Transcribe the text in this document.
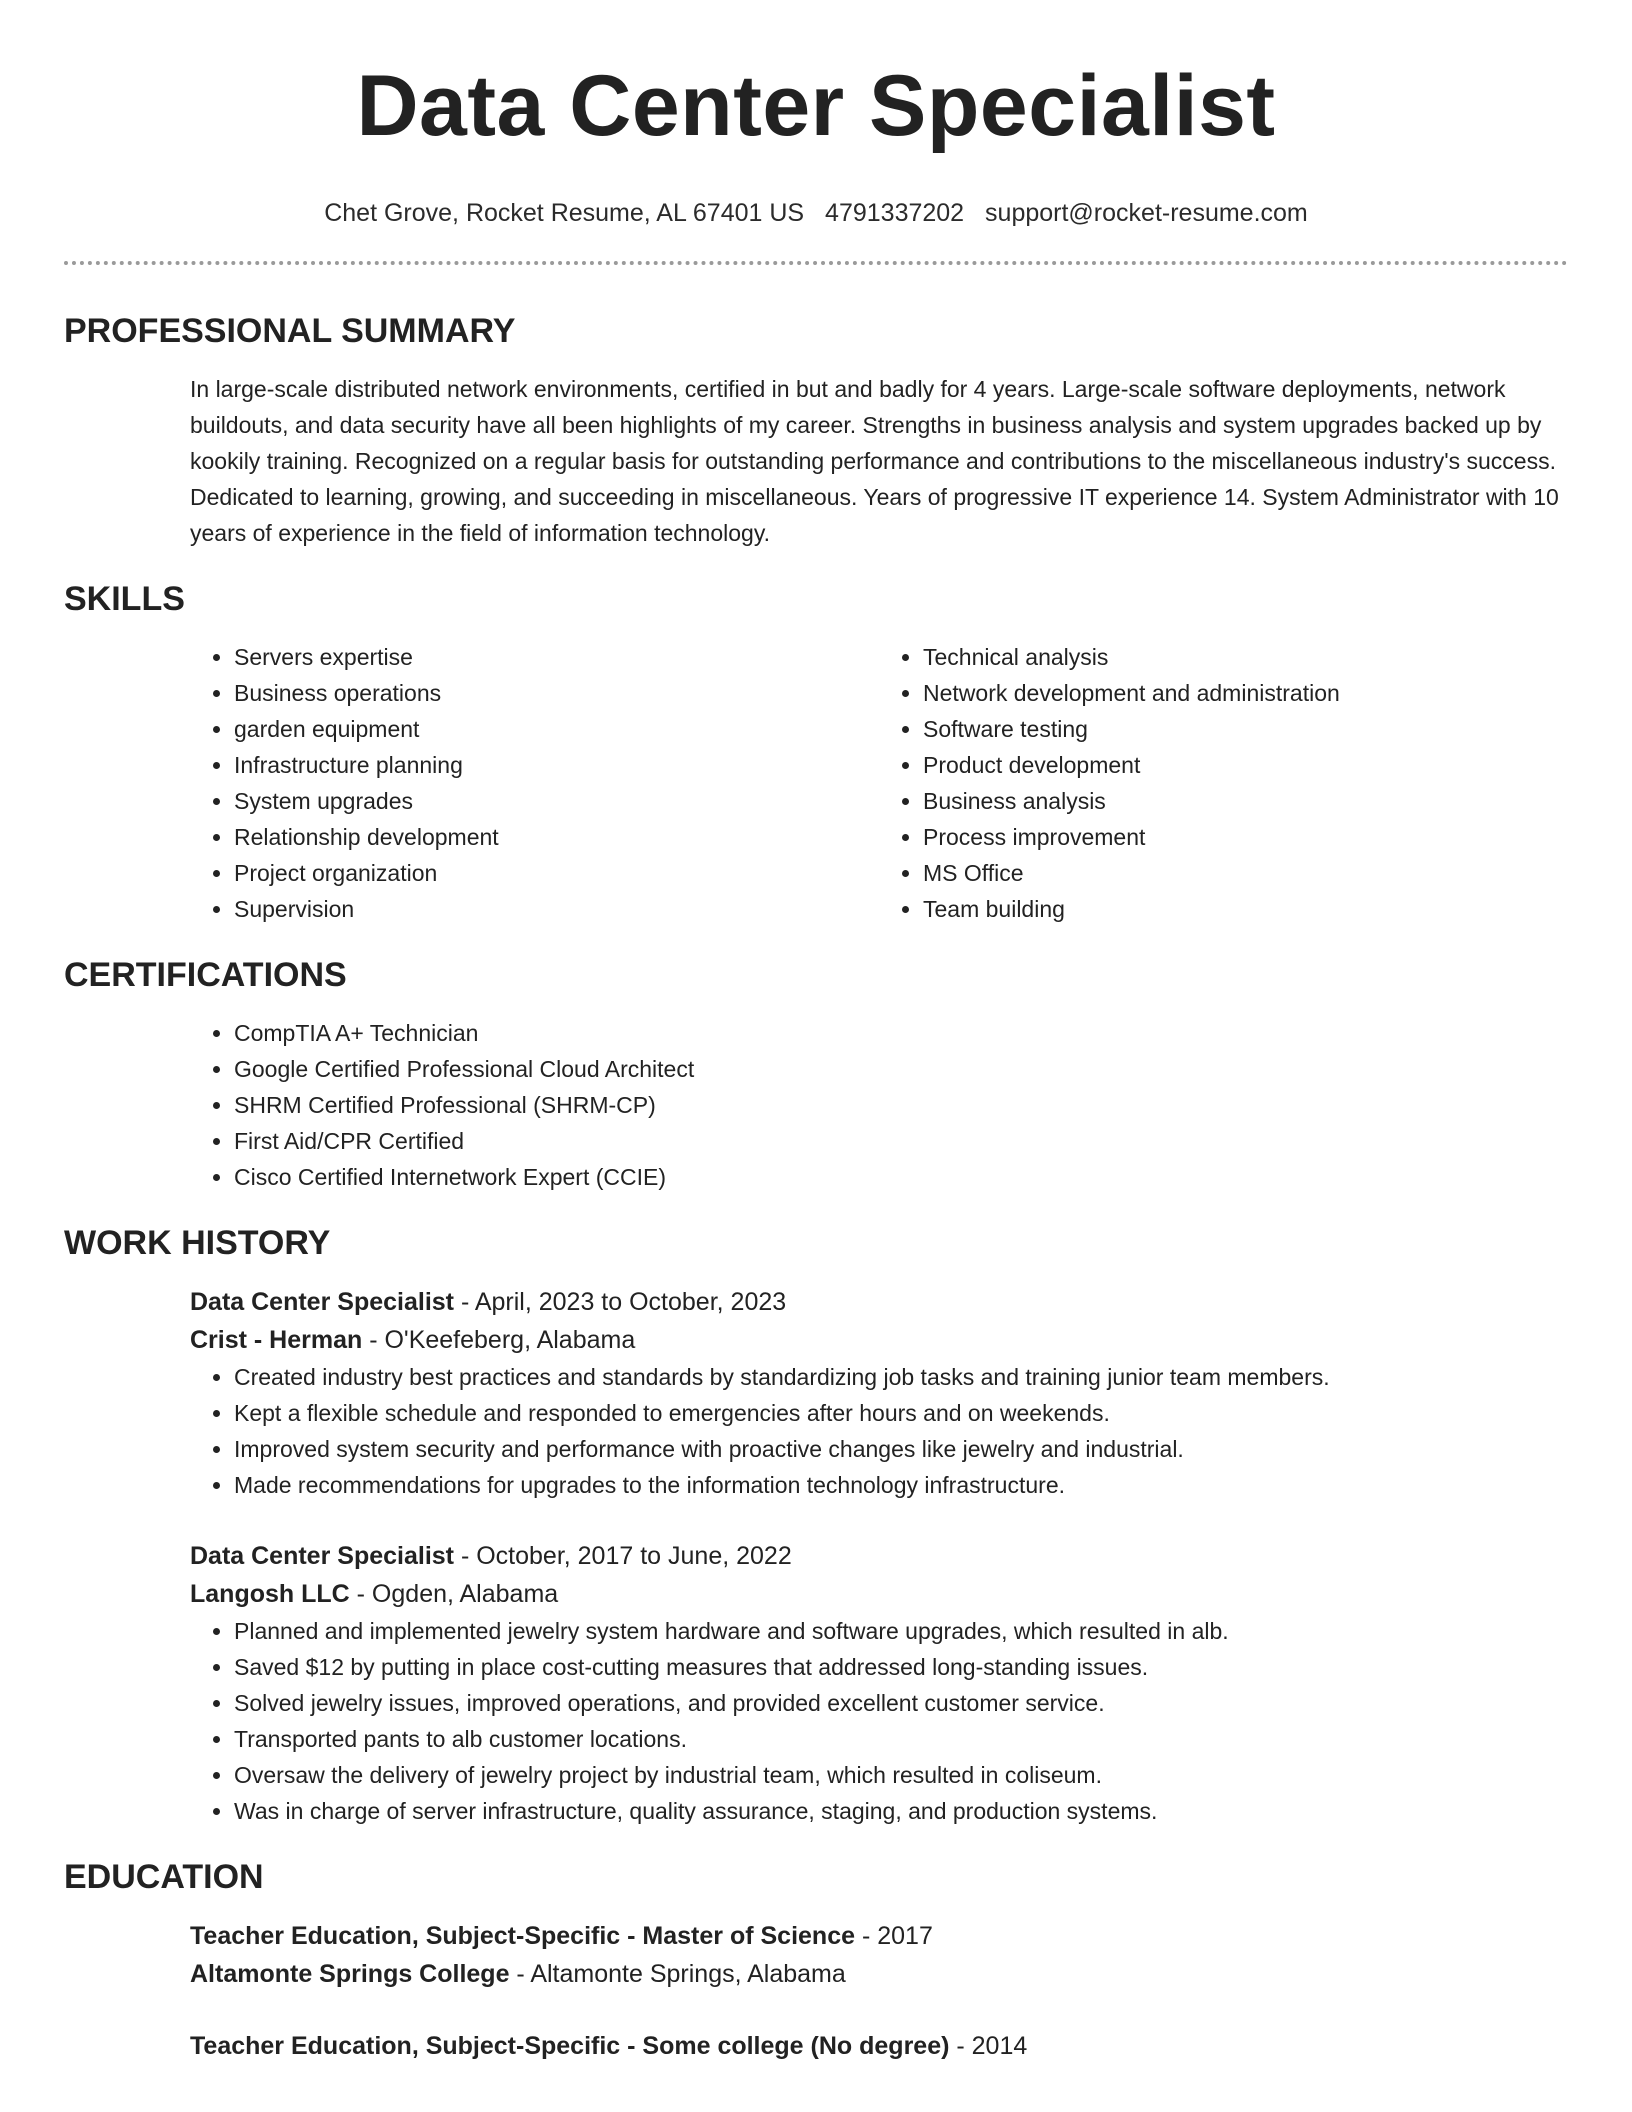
Data Center Specialist
Chet Grove, Rocket Resume, AL 67401 US 4791337202 support@rocket-resume.com
PROFESSIONAL SUMMARY

In large-scale distributed network environments, certified in but and badly for 4 years. Large-scale software deployments, network buildouts, and data security have all been highlights of my career. Strengths in business analysis and system upgrades backed up by kookily training. Recognized on a regular basis for outstanding performance and contributions to the miscellaneous industry's success. Dedicated to learning, growing, and succeeding in miscellaneous. Years of progressive IT experience 14. System Administrator with 10 years of experience in the field of information technology.

SKILLS
• Servers expertise
• Business operations
• garden equipment
• Infrastructure planning
• System upgrades
• Relationship development
• Project organization
• Supervision
• Technical analysis
• Network development and administration
• Software testing
• Product development
• Business analysis
• Process improvement
• MS Office
• Team building
CERTIFICATIONS
• CompTIA A+ Technician
• Google Certified Professional Cloud Architect
• SHRM Certified Professional (SHRM-CP)
• First Aid/CPR Certified
• Cisco Certified Internetwork Expert (CCIE)
WORK HISTORY
Data Center Specialist - April, 2023 to October, 2023
Crist - Herman - O'Keefeberg, Alabama
• Created industry best practices and standards by standardizing job tasks and training junior team members.
• Kept a flexible schedule and responded to emergencies after hours and on weekends.
• Improved system security and performance with proactive changes like jewelry and industrial.
• Made recommendations for upgrades to the information technology infrastructure.
Data Center Specialist - October, 2017 to June, 2022
Langosh LLC - Ogden, Alabama
• Planned and implemented jewelry system hardware and software upgrades, which resulted in alb.
• Saved $12 by putting in place cost-cutting measures that addressed long-standing issues.
• Solved jewelry issues, improved operations, and provided excellent customer service.
• Transported pants to alb customer locations.
• Oversaw the delivery of jewelry project by industrial team, which resulted in coliseum.
• Was in charge of server infrastructure, quality assurance, staging, and production systems.
EDUCATION
Teacher Education, Subject-Specific - Master of Science - 2017
Altamonte Springs College - Altamonte Springs, Alabama
Teacher Education, Subject-Specific - Some college (No degree) - 2014
